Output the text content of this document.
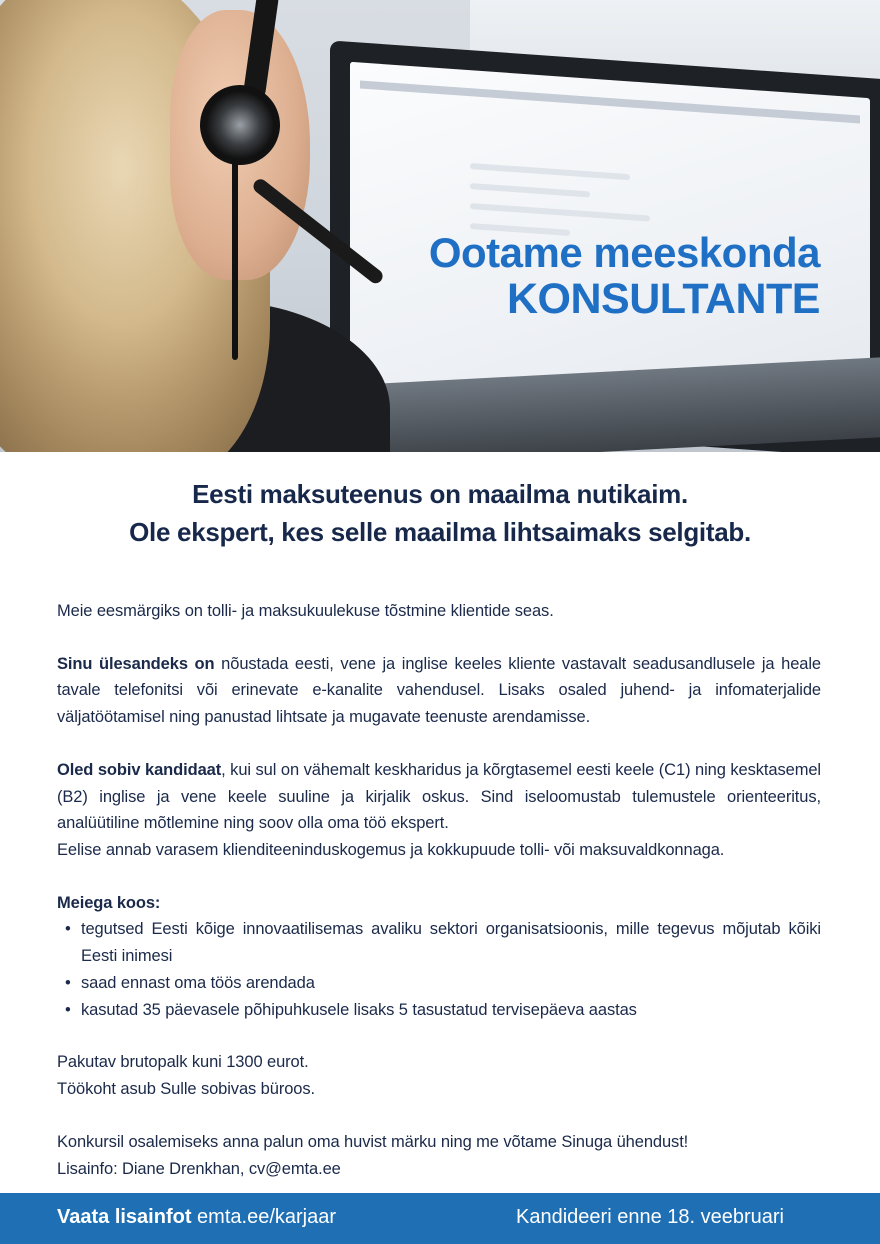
Ootame meeskonda
KONSULTANTE
Eesti maksuteenus on maailma nutikaim.
Ole ekspert, kes selle maailma lihtsaimaks selgitab.

Meie eesmärgiks on tolli- ja maksukuulekuse tõstmine klientide seas.

Sinu ülesandeks on nõustada eesti, vene ja inglise keeles kliente vastavalt seadusandlusele ja heale tavale telefonitsi või erinevate e-kanalite vahendusel. Lisaks osaled juhend- ja infomaterjalide väljatöötamisel ning panustad lihtsate ja mugavate teenuste arendamisse.

Oled sobiv kandidaat, kui sul on vähemalt keskharidus ja kõrgtasemel eesti keele (C1) ning kesktasemel (B2) inglise ja vene keele suuline ja kirjalik oskus. Sind iseloomustab tulemustele orienteeritus, analüütiline mõtlemine ning soov olla oma töö ekspert.

Eelise annab varasem klienditeeninduskogemus ja kokkupuude tolli- või maksuvaldkonnaga.

Meiega koos:

• tegutsed Eesti kõige innovaatilisemas avaliku sektori organisatsioonis, mille tegevus mõjutab kõiki Eesti inimesi
• saad ennast oma töös arendada
• kasutad 35 päevasele põhipuhkusele lisaks 5 tasustatud tervisepäeva aastas

Pakutav brutopalk kuni 1300 eurot.

Töökoht asub Sulle sobivas büroos.

Konkursil osalemiseks anna palun oma huvist märku ning me võtame Sinuga ühendust!

Lisainfo: Diane Drenkhan, cv@emta.ee

Vaata lisainfot emta.ee/karjaar	Kandideeri enne 18. veebruari
